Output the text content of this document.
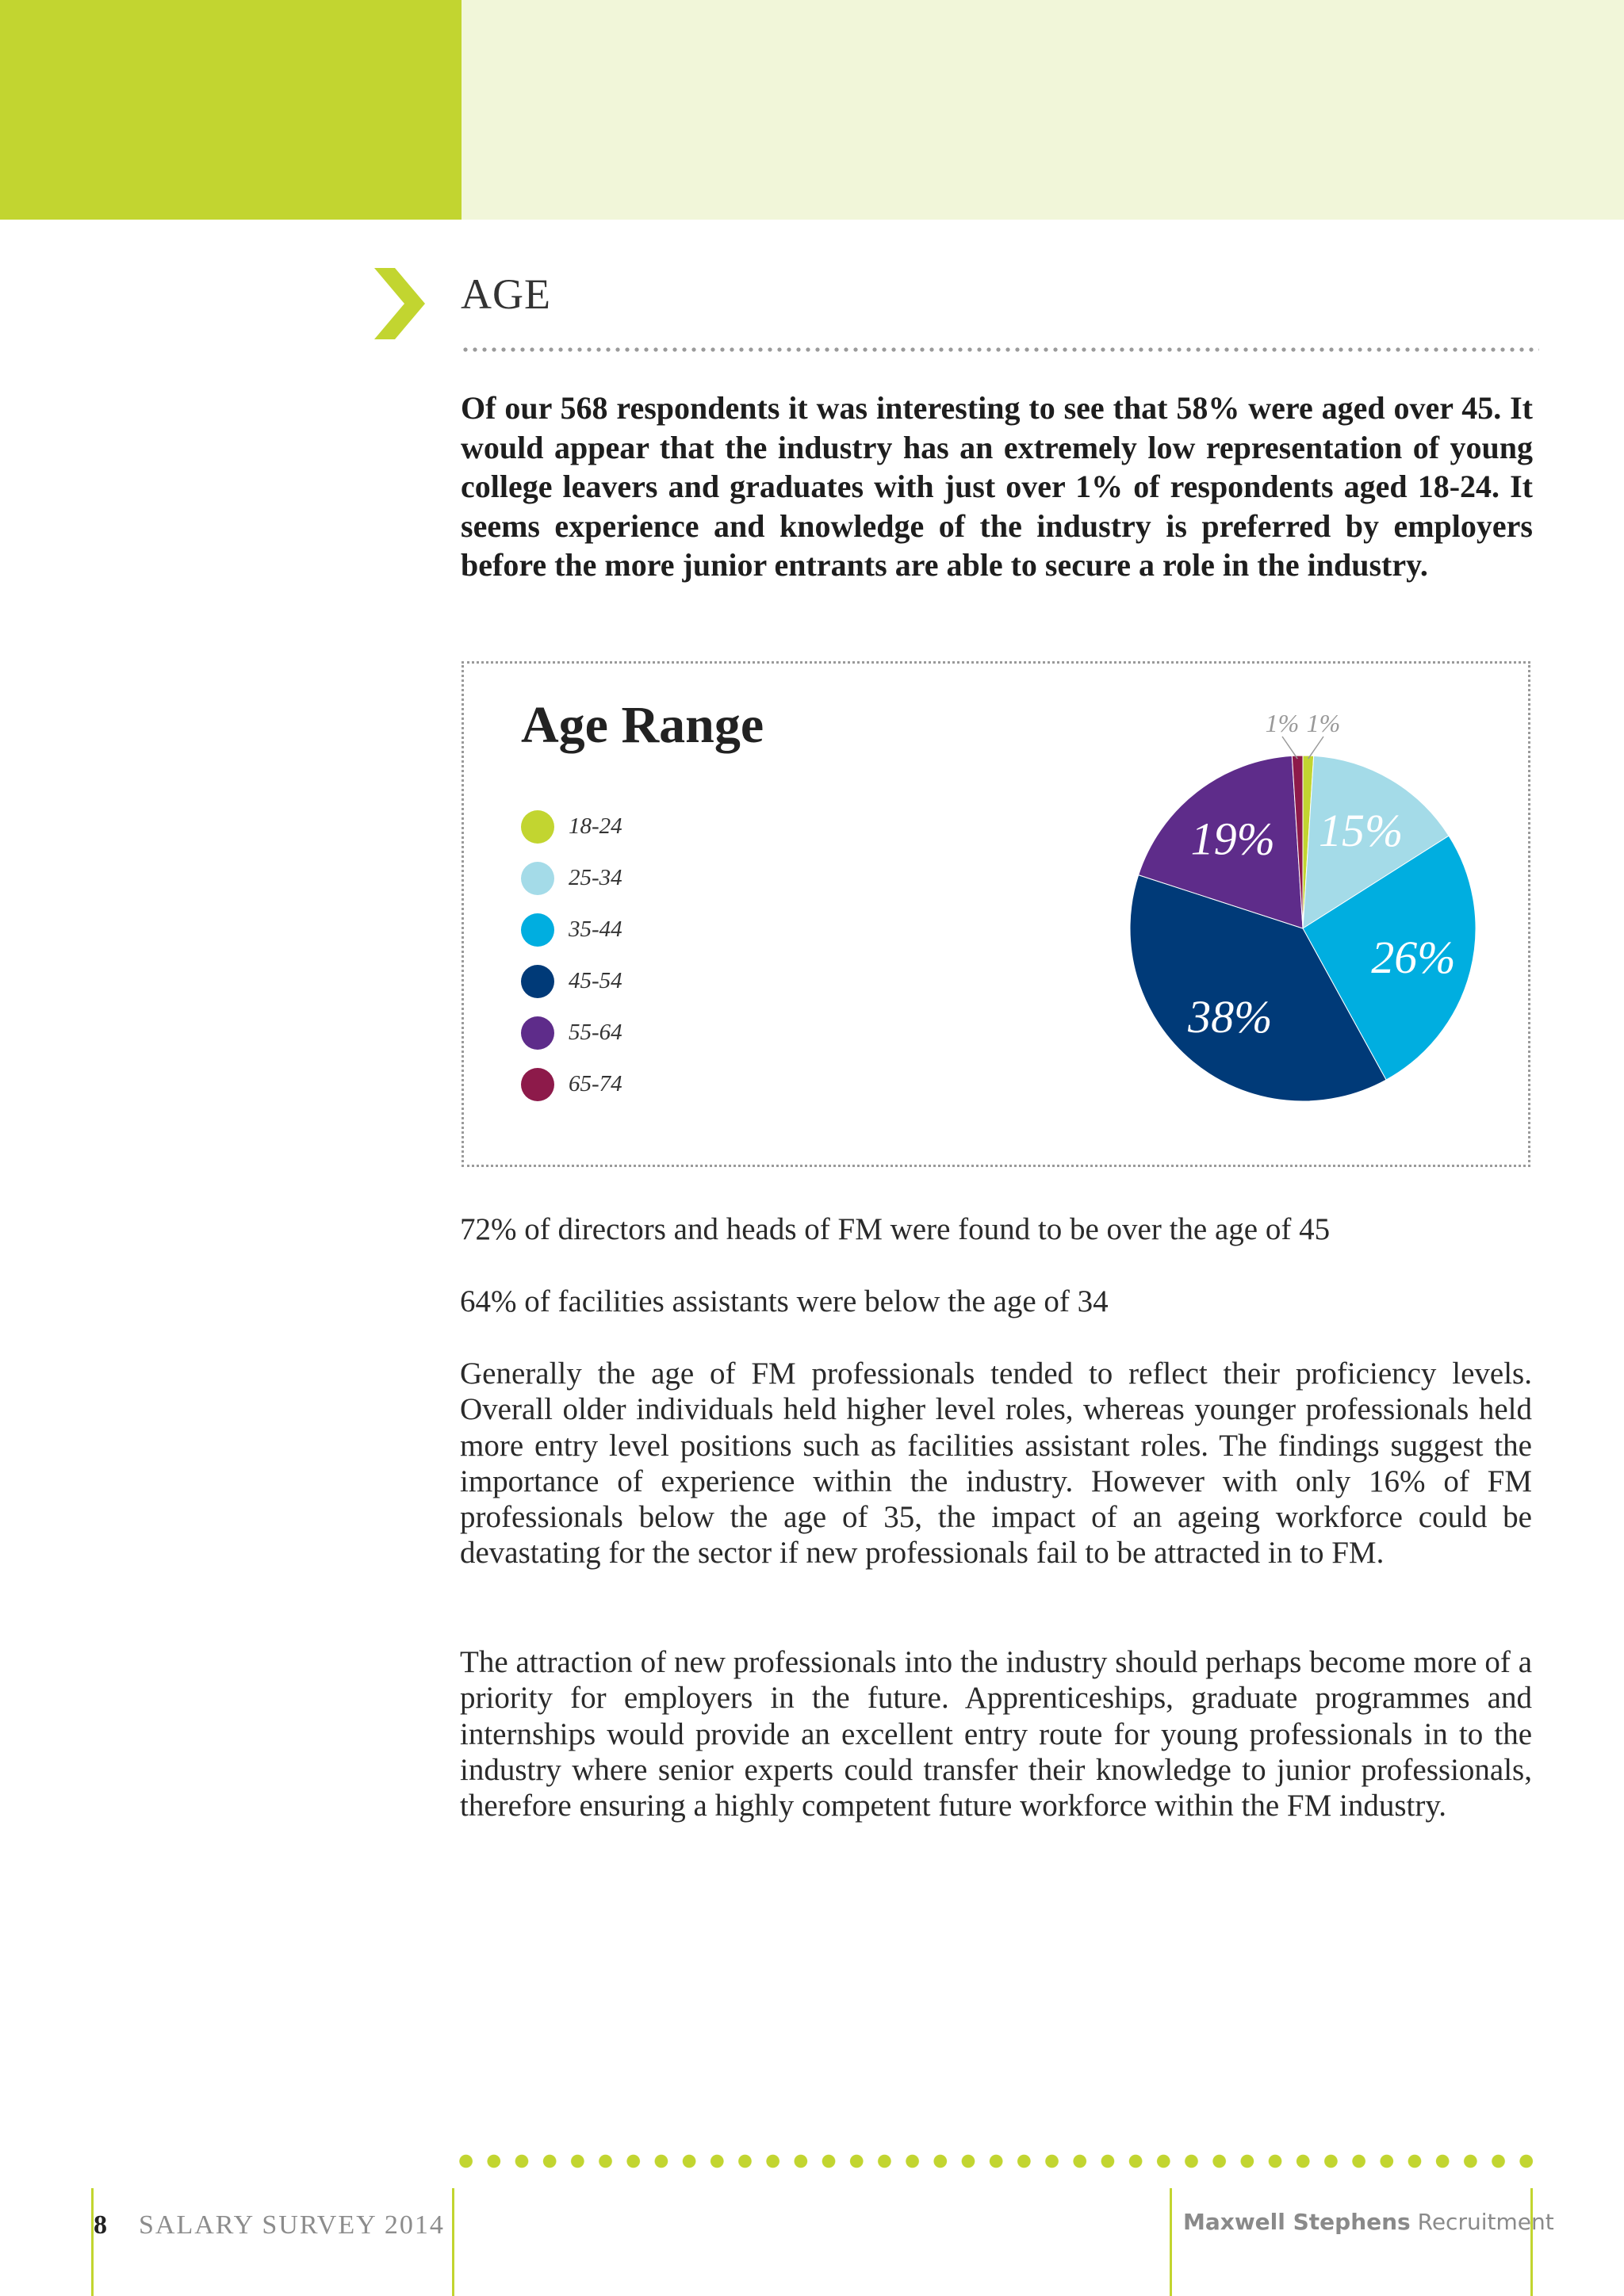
AGE

Of our 568 respondents it was interesting to see that 58% were aged over 45. It would appear that the industry has an extremely low representation of young college leavers and graduates with just over 1% of respondents aged 18-24. It seems experience and knowledge of the industry is preferred by employers before the more junior entrants are able to secure a role in the industry.

Age Range
18-24
25-34
35-44
45-54
55-64
65-74
1%
15%
26%
38%
19%
1%

72% of directors and heads of FM were found to be over the age of 45

64% of facilities assistants were below the age of 34

Generally the age of FM professionals tended to reflect their proficiency levels. Overall older individuals held higher level roles, whereas younger professionals held more entry level positions such as facilities assistant roles. The findings suggest the importance of experience within the industry. However with only 16% of FM professionals below the age of 35, the impact of an ageing workforce could be devastating for the sector if new professionals fail to be attracted in to FM.

The attraction of new professionals into the industry should perhaps become more of a priority for employers in the future. Apprenticeships, graduate programmes and internships would provide an excellent entry route for young professionals in to the industry where senior experts could transfer their knowledge to junior professionals, therefore ensuring a highly competent future workforce within the FM industry.

8 SALARY SURVEY 2014	Maxwell Stephens Recruitment
